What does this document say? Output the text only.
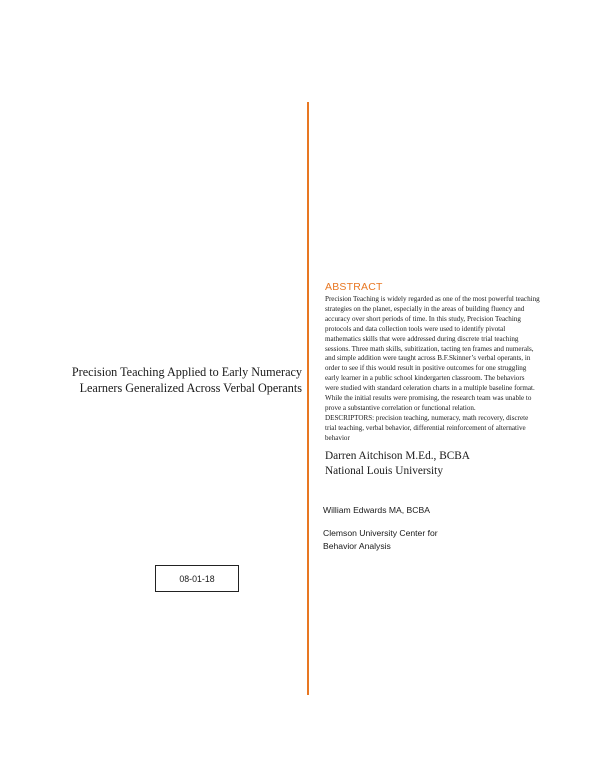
Precision Teaching Applied to Early Numeracy
Learners Generalized Across Verbal Operants
ABSTRACT
Precision Teaching is widely regarded as one of the most powerful teaching
strategies on the planet, especially in the areas of building fluency and
accuracy over short periods of time. In this study, Precision Teaching
protocols and data collection tools were used to identify pivotal
mathematics skills that were addressed during discrete trial teaching
sessions. Three math skills, subitization, tacting ten frames and numerals,
and simple addition were taught across B.F.Skinner’s verbal operants, in
order to see if this would result in positive outcomes for one struggling
early learner in a public school kindergarten classroom. The behaviors
were studied with standard celeration charts in a multiple baseline format.
While the initial results were promising, the research team was unable to
prove a substantive correlation or functional relation.
DESCRIPTORS: precision teaching, numeracy, math recovery, discrete
trial teaching, verbal behavior, differential reinforcement of alternative
behavior
Darren Aitchison M.Ed., BCBA
National Louis University
William Edwards MA, BCBA
Clemson University Center for
Behavior Analysis
08-01-18
